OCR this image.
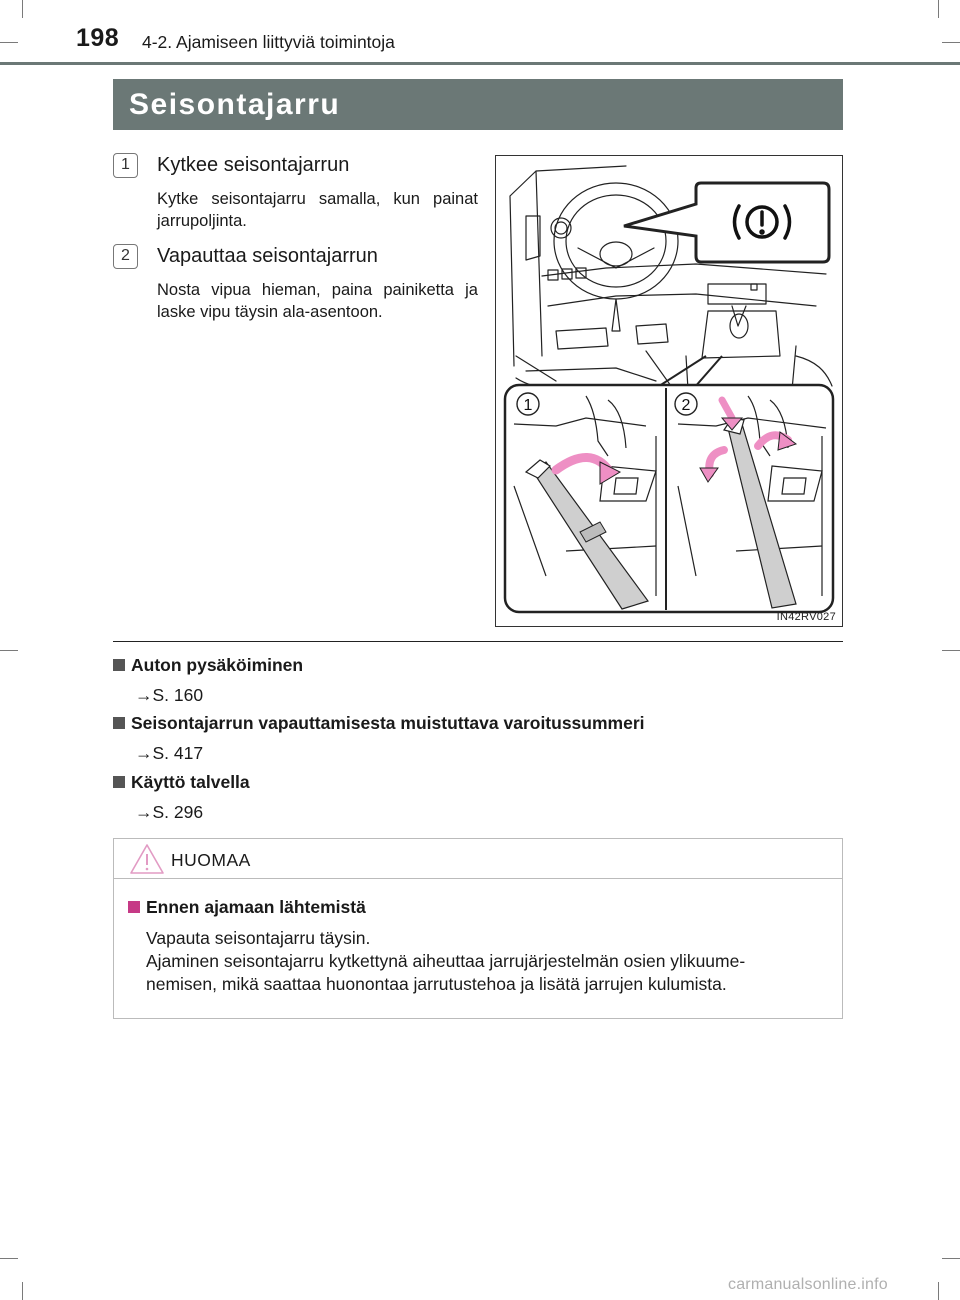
198 4-2. Ajamiseen liittyviä toimintoja
Seisontajarru
1	Kytkee seisontajarrun
Kytke seisontajarru samalla, kun painat jarrupoljinta.
2	Vapauttaa seisontajarrun
Nosta vipua hieman, paina painiketta ja laske vipu täysin ala-asentoon.
1	2
IN42RV027
Auton pysäköiminen
→S. 160
Seisontajarrun vapauttamisesta muistuttava varoitussummeri
→S. 417
Käyttö talvella
→S. 296
HUOMAA
Ennen ajamaan lähtemistä
Vapauta seisontajarru täysin.
Ajaminen seisontajarru kytkettynä aiheuttaa jarrujärjestelmän osien ylikuume-
nemisen, mikä saattaa huonontaa jarrutustehoa ja lisätä jarrujen kulumista.
carmanualsonline.info
